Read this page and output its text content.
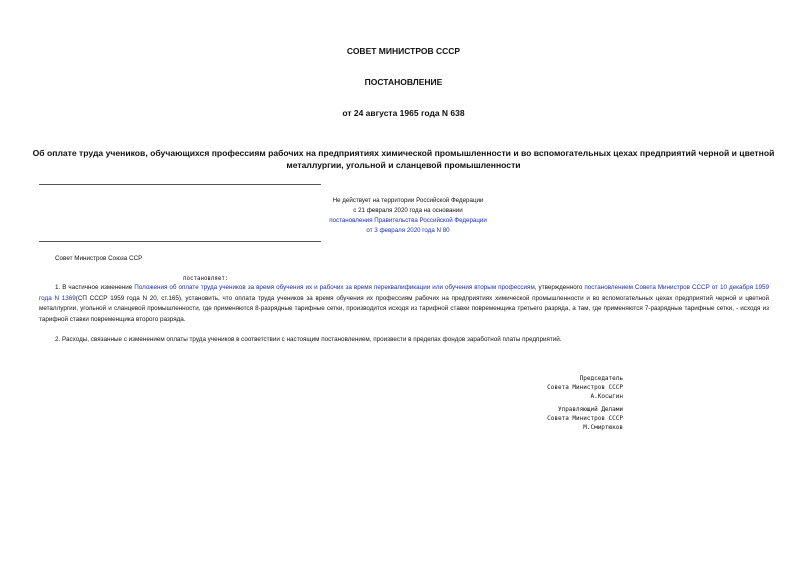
СОВЕТ МИНИСТРОВ СССР
ПОСТАНОВЛЕНИЕ
от 24 августа 1965 года N 638
Об оплате труда учеников, обучающихся профессиям рабочих на предприятиях химической промышленности и во вспомогательных цехах предприятий черной и цветной металлургии, угольной и сланцевой промышленности
Не действует на территории Российской Федерации
с 21 февраля 2020 года на основании
постановления Правительства Российской Федерации
от 3 февраля 2020 года N 80
Совет Министров Союза ССР
постановляет:
1. В частичное изменение Положения об оплате труда учеников за время обучения их и рабочих за время переквалификации или обучения вторым профессиям, утвержденного постановлением Совета Министров СССР от 10 декабря 1959 года N 1369(СП СССР 1959 года N 20, ст.165), установить, что оплата труда учеников за время обучения их профессиям рабочих на предприятиях химической промышленности и во вспомогательных цехах предприятий черной и цветной металлургии, угольной и сланцевой промышленности, где применяются 8-разрядные тарифные сетки, производится исходя из тарифной ставки повременщика третьего разряда, а там, где применяются 7-разрядные тарифные сетки, - исходя из тарифной ставки повременщика второго разряда.
2. Расходы, связанные с изменением оплаты труда учеников в соответствии с настоящим постановлением, произвести в пределах фондов заработной платы предприятий.
Председатель
Совета Министров СССР
А.Косыгин
Управляющий Делами
Совета Министров СССР
М.Смиртюков
